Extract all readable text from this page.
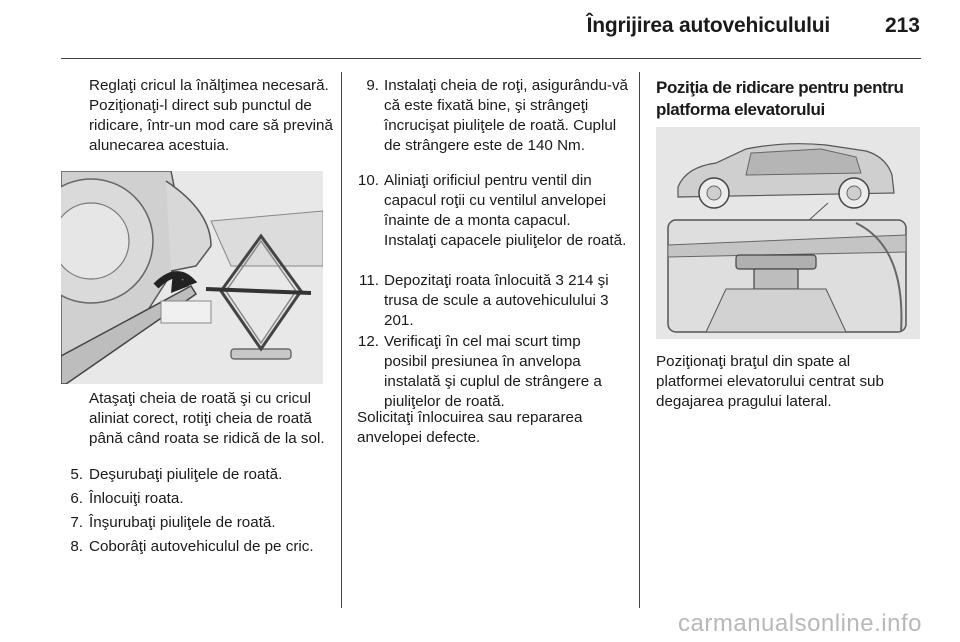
Îngrijirea autovehiculului	213
Reglaţi cricul la înălţimea necesară. Poziţionaţi-l direct sub punctul de ridicare, într-un mod care să prevină alunecarea acestuia.
Ataşaţi cheia de roată şi cu cricul aliniat corect, rotiţi cheia de roată până când roata se ridică de la sol.
5. Deşurubaţi piuliţele de roată.
6. Înlocuiţi roata.
7. Înşurubaţi piuliţele de roată.
8. Coborâţi autovehiculul de pe cric.
9. Instalaţi cheia de roţi, asigurându-vă că este fixată bine, şi strângeţi încrucişat piuliţele de roată. Cuplul de strângere este de 140 Nm.
10. Aliniaţi orificiul pentru ventil din capacul roţii cu ventilul anvelopei înainte de a monta capacul.
Instalaţi capacele piuliţelor de roată.
11. Depozitaţi roata înlocuită 3 214 şi trusa de scule a autovehiculului 3 201.
12. Verificaţi în cel mai scurt timp posibil presiunea în anvelopa instalată şi cuplul de strângere a piuliţelor de roată.
Solicitaţi înlocuirea sau repararea anvelopei defecte.
Poziţia de ridicare pentru pentru platforma elevatorului
Poziţionaţi braţul din spate al platformei elevatorului centrat sub degajarea pragului lateral.
carmanualsonline.info
